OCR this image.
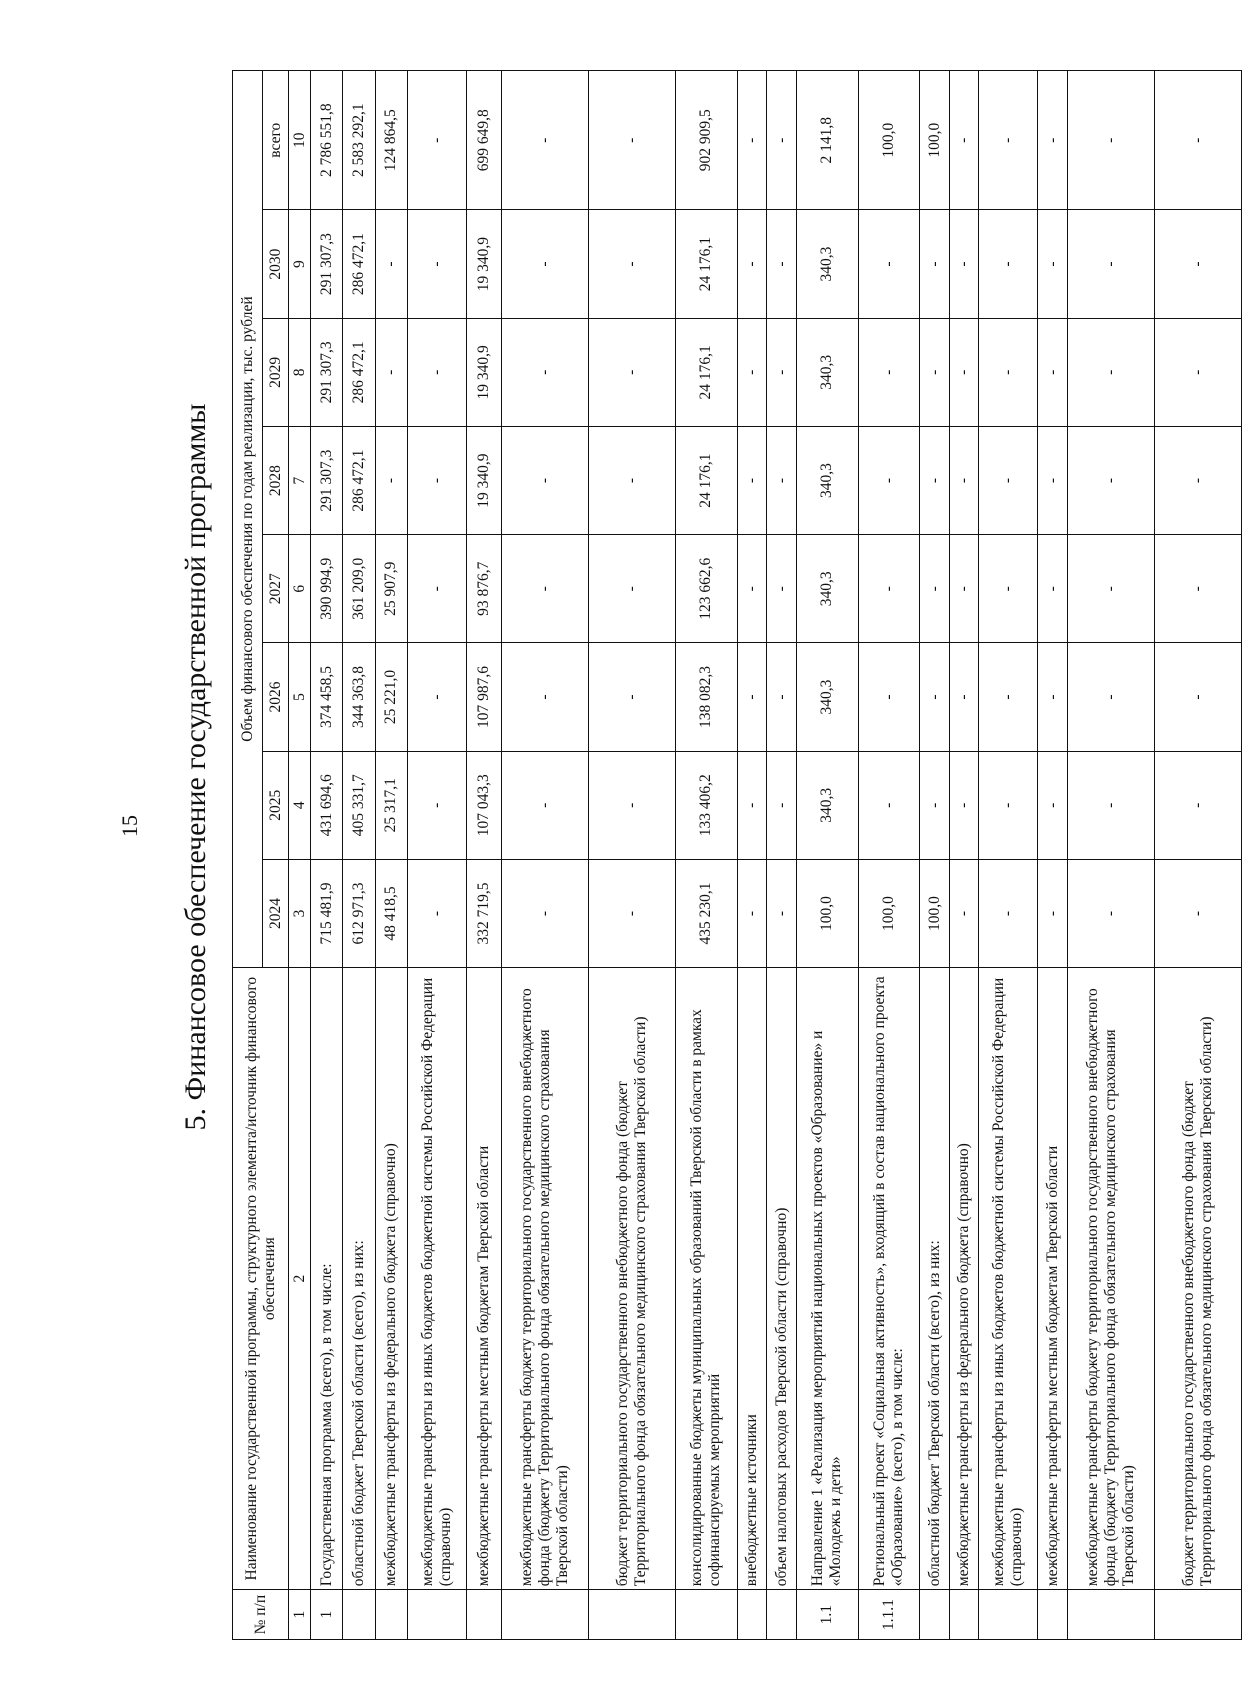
15 5. Финансовое обеспечение государственной программы
№ п/п	Наименование государственной программы, структурного элемента/источник финансового обеспечения	Объем финансового обеспечения по годам реализации, тыс. рублей							
		2024	2025	2026	2027	2028	2029	2030	всего
1	2	3	4	5	6	7	8	9	10
1	Государственная программа (всего), в том числе:	715 481,9	431 694,6	374 458,5	390 994,9	291 307,3	291 307,3	291 307,3	2 786 551,8
	областной бюджет Тверской области (всего), из них:	612 971,3	405 331,7	344 363,8	361 209,0	286 472,1	286 472,1	286 472,1	2 583 292,1
	межбюджетные трансферты из федерального бюджета (справочно)	48 418,5	25 317,1	25 221,0	25 907,9	-	-	-	124 864,5
	межбюджетные трансферты из иных бюджетов бюджетной системы Российской Федерации (справочно)	-	-	-	-	-	-	-	-
	межбюджетные трансферты местным бюджетам Тверской области	332 719,5	107 043,3	107 987,6	93 876,7	19 340,9	19 340,9	19 340,9	699 649,8
	межбюджетные трансферты бюджету территориального государственного внебюджетного фонда (бюджету Территориального фонда обязательного медицинского страхования Тверской области)	-	-	-	-	-	-	-	-
	бюджет территориального государственного внебюджетного фонда (бюджет Территориального фонда обязательного медицинского страхования Тверской области)	-	-	-	-	-	-	-	-
	консолидированные бюджеты муниципальных образований Тверской области в рамках софинансируемых мероприятий	435 230,1	133 406,2	138 082,3	123 662,6	24 176,1	24 176,1	24 176,1	902 909,5
	внебюджетные источники	-	-	-	-	-	-	-	-
	объем налоговых расходов Тверской области (справочно)	-	-	-	-	-	-	-	-
1.1	Направление 1 «Реализация мероприятий национальных проектов «Образование» и «Молодежь и дети»	100,0	340,3	340,3	340,3	340,3	340,3	340,3	2 141,8
1.1.1	Региональный проект «Социальная активность», входящий в состав национального проекта «Образование» (всего), в том числе:	100,0	-	-	-	-	-	-	100,0
	областной бюджет Тверской области (всего), из них:	100,0	-	-	-	-	-	-	100,0
	межбюджетные трансферты из федерального бюджета (справочно)	-	-	-	-	-	-	-	-
	межбюджетные трансферты из иных бюджетов бюджетной системы Российской Федерации (справочно)	-	-	-	-	-	-	-	-
	межбюджетные трансферты местным бюджетам Тверской области	-	-	-	-	-	-	-	-
	межбюджетные трансферты бюджету территориального государственного внебюджетного фонда (бюджету Территориального фонда обязательного медицинского страхования Тверской области)	-	-	-	-	-	-	-	-
	бюджет территориального государственного внебюджетного фонда (бюджет Территориального фонда обязательного медицинского страхования Тверской области)	-	-	-	-	-	-	-	-
